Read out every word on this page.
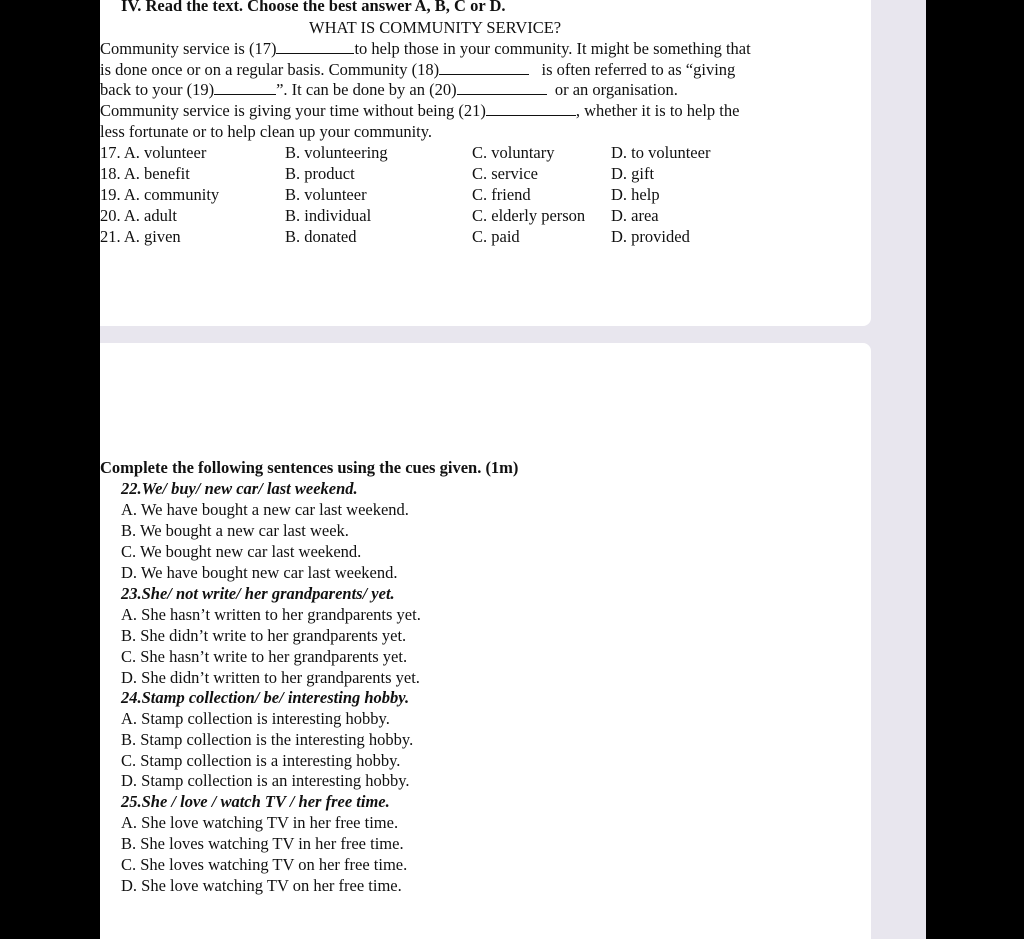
IV. Read the text. Choose the best answer A, B, C or D.
WHAT IS COMMUNITY SERVICE?
Community service is (17)	to help those in your community. It might be something that
is done once or on a regular basis. Community (18)	is often referred to as “giving
back to your (19)	”. It can be done by an (20)	or an organisation.
Community service is giving your time without being (21)	, whether it is to help the
less fortunate or to help clean up your community.
17. A. volunteer	B. volunteering	C. voluntary	D. to volunteer
18. A. benefit	B. product	C. service	D. gift
19. A. community	B. volunteer	C. friend	D. help
20. A. adult	B. individual	C. elderly person D. area
21. A. given	B. donated	C. paid	D. provided
Complete the following sentences using the cues given. (1m)
22.We/ buy/ new car/ last weekend.
A. We have bought a new car last weekend.
B. We bought a new car last week.
C. We bought new car last weekend.
D. We have bought new car last weekend.
23.She/ not write/ her grandparents/ yet.
A. She hasn’t written to her grandparents yet.
B. She didn’t write to her grandparents yet.
C. She hasn’t write to her grandparents yet.
D. She didn’t written to her grandparents yet.
24.Stamp collection/ be/ interesting hobby.
A. Stamp collection is interesting hobby.
B. Stamp collection is the interesting hobby.
C. Stamp collection is a interesting hobby.
D. Stamp collection is an interesting hobby.
25.She / love / watch TV / her free time.
A. She love watching TV in her free time.
B. She loves watching TV in her free time.
C. She loves watching TV on her free time.
D. She love watching TV on her free time.
